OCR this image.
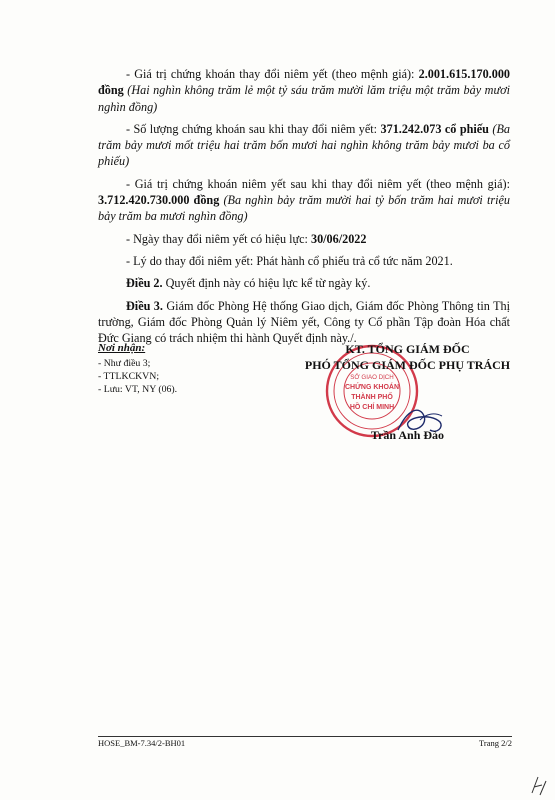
- Giá trị chứng khoán thay đổi niêm yết (theo mệnh giá): 2.001.615.170.000 đồng (Hai nghìn không trăm lẻ một tỷ sáu trăm mười lăm triệu một trăm bảy mươi nghìn đồng)

- Số lượng chứng khoán sau khi thay đổi niêm yết: 371.242.073 cổ phiếu (Ba trăm bảy mươi mốt triệu hai trăm bốn mươi hai nghìn không trăm bảy mươi ba cổ phiếu)

- Giá trị chứng khoán niêm yết sau khi thay đổi niêm yết (theo mệnh giá): 3.712.420.730.000 đồng (Ba nghìn bảy trăm mười hai tỷ bốn trăm hai mươi triệu bảy trăm ba mươi nghìn đồng)

- Ngày thay đổi niêm yết có hiệu lực: 30/06/2022

- Lý do thay đổi niêm yết: Phát hành cổ phiếu trả cổ tức năm 2021.

Điều 2. Quyết định này có hiệu lực kể từ ngày ký.

Điều 3. Giám đốc Phòng Hệ thống Giao dịch, Giám đốc Phòng Thông tin Thị trường, Giám đốc Phòng Quản lý Niêm yết, Công ty Cổ phần Tập đoàn Hóa chất Đức Giang có trách nhiệm thi hành Quyết định này./.

Nơi nhận:
- Như điều 3;
- TTLKCKVN;
- Lưu: VT, NY (06).
SỞ GIAO DỊCH
CHỨNG KHOÁN
THÀNH PHỐ
HỒ CHÍ MINH
KT. TỔNG GIÁM ĐỐC
PHÓ TỔNG GIÁM ĐỐC PHỤ TRÁCH
Trần Anh Đào
HOSE_BM-7.34/2-BH01	Trang 2/2
